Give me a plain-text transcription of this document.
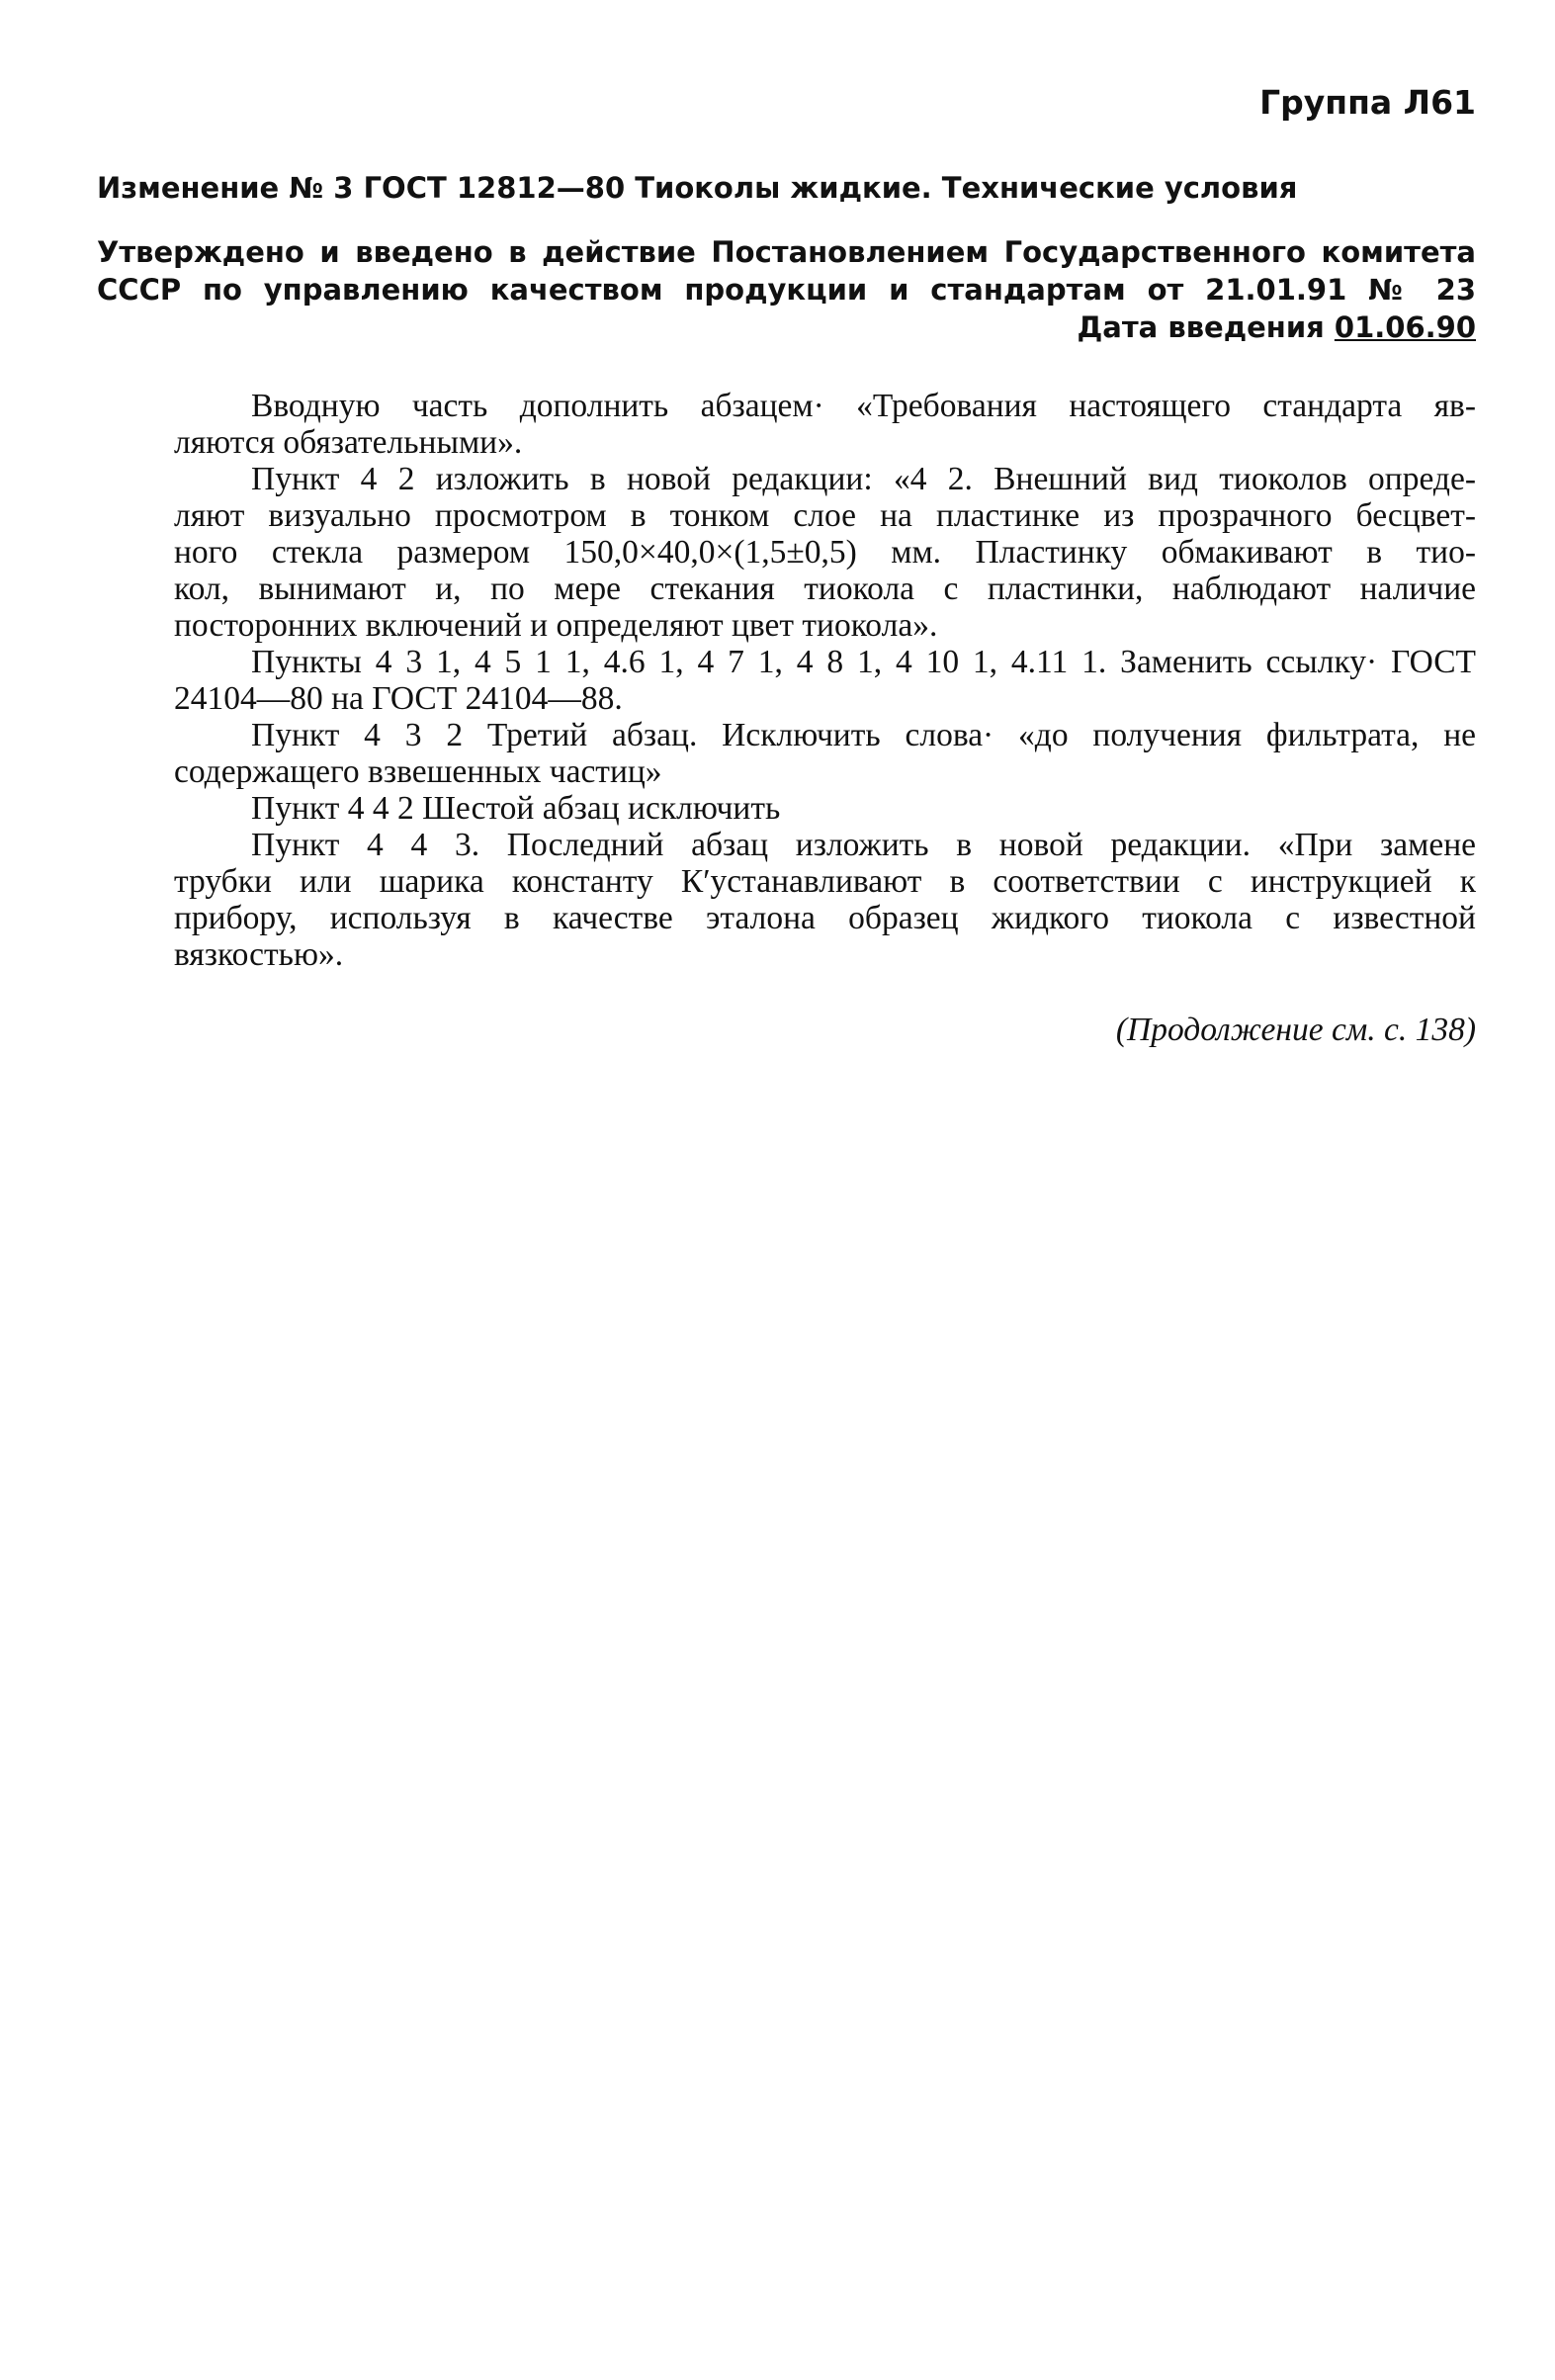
Группа Л61
Изменение № 3 ГОСТ 12812—80 Тиоколы жидкие. Технические условия
Утверждено и введено в действие Постановлением Государственного комитета
СССР по управлению качеством продукции и стандартам от 21.01.91 № 23
Дата введения 01.06.90
Вводную часть дополнить абзацем· «Требования настоящего стандарта яв-
ляются обязательными».
Пункт 4 2 изложить в новой редакции: «4 2. Внешний вид тиоколов опреде-
ляют визуально просмотром в тонком слое на пластинке из прозрачного бесцвет-
ного стекла размером 150,0×40,0×(1,5±0,5) мм. Пластинку обмакивают в тио-
кол, вынимают и, по мере стекания тиокола с пластинки, наблюдают наличие
посторонних включений и определяют цвет тиокола».
Пункты 4 3 1, 4 5 1 1, 4.6 1, 4 7 1, 4 8 1, 4 10 1, 4.11 1. Заменить ссылку· ГОСТ
24104—80 на ГОСТ 24104—88.
Пункт 4 3 2 Третий абзац. Исключить слова· «до получения фильтрата, не
содержащего взвешенных частиц»
Пункт 4 4 2 Шестой абзац исключить
Пункт 4 4 3. Последний абзац изложить в новой редакции. «При замене
трубки или шарика константу К′устанавливают в соответствии с инструкцией к
прибору, используя в качестве эталона образец жидкого тиокола с известной
вязкостью».
(Продолжение см. с. 138)
